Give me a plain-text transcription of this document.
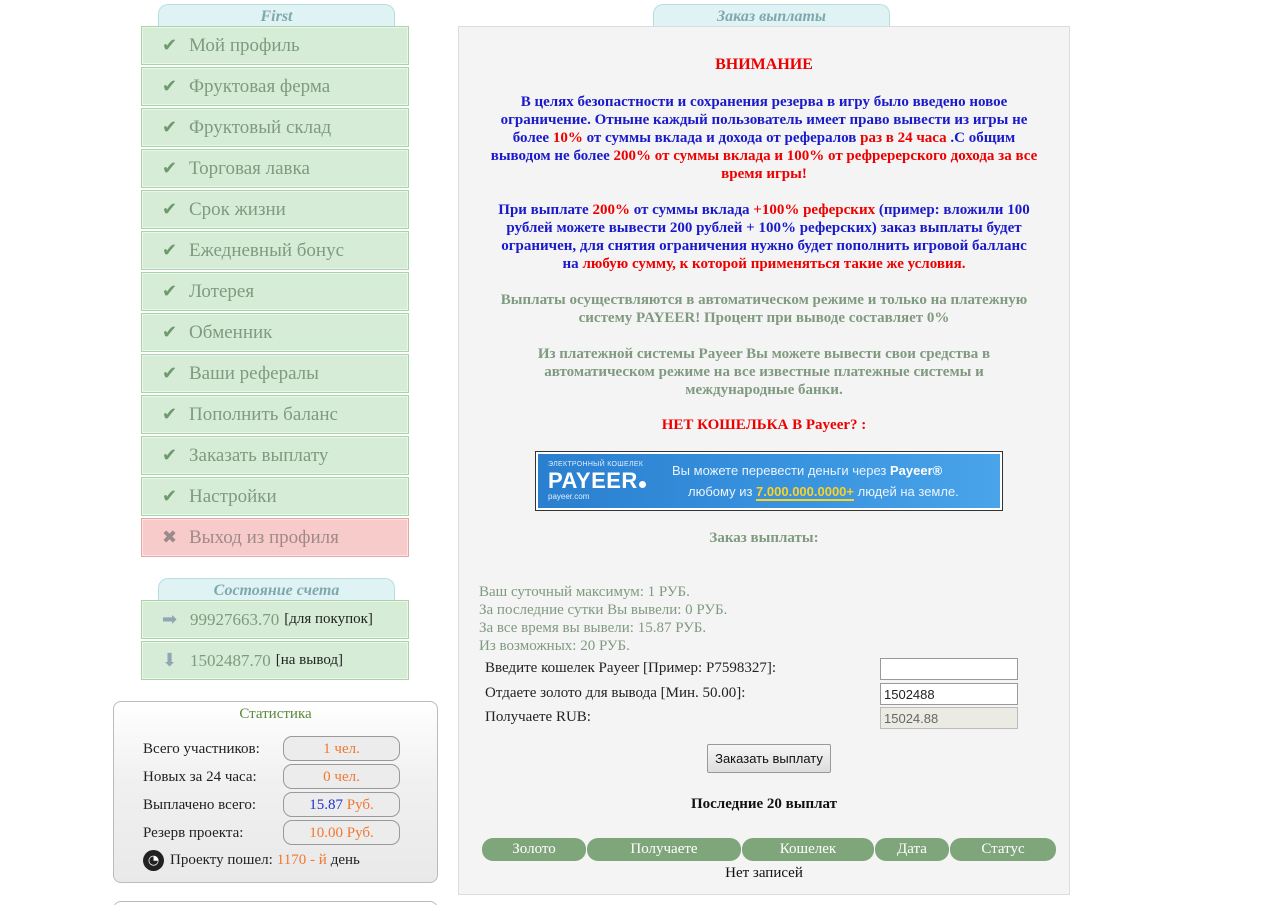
First
✔ Мой профиль
✔ Фруктовая ферма
✔ Фруктовый склад
✔ Торговая лавка
✔ Срок жизни
✔ Ежедневный бонус
✔ Лотерея
✔ Обменник
✔ Ваши рефералы
✔ Пополнить баланс
✔ Заказать выплату
✔ Настройки
✖ Выход из профиля
Состояние счета
➡ 99927663.70 [для покупок]
⬇ 1502487.70 [на вывод]
Статистика
Всего участников:	1 чел.
Новых за 24 часа:	0 чел.
Выплачено всего:	15.87 Руб.
Резерв проекта:	10.00 Руб.
◔ Проекту пошел: 1170 - й день
Заказ выплаты
ВНИМАНИЕ
В целях безопастности и сохранения резерва в игру было введено новое
ограничение. Отныне каждый пользователь имеет право вывести из игры не
более 10% от суммы вклада и дохода от рефералов раз в 24 часа .С общим
выводом не более 200% от суммы вклада и 100% от рефререрского дохода за все
время игры!
При выплате 200% от суммы вклада +100% реферских (пример: вложили 100
рублей можете вывести 200 рублей + 100% реферских) заказ выплаты будет
ограничен, для снятия ограничения нужно будет пополнить игровой балланс
на любую сумму, к которой применяться такие же условия.
Выплаты осуществляются в автоматическом режиме и только на платежную
систему PAYEER! Процент при выводе составляет 0%
Из платежной системы Payeer Вы можете вывести свои средства в
автоматическом режиме на все известные платежные системы и
международные банки.
НЕТ КОШЕЛЬКА В Payeer? :
ЭЛЕКТРОННЫЙ КОШЕЛЕК
PAYEER
payeer.com
Вы можете перевести деньги через Payeer®
любому из 7.000.000.0000+ людей на земле.
Заказ выплаты:
Ваш суточный максимум: 1 РУБ.
За последние сутки Вы вывели: 0 РУБ.
За все время вы вывели: 15.87 РУБ.
Из возможных: 20 РУБ.
Введите кошелек Payeer [Пример: P7598327]:
Отдаете золото для вывода [Мин. 50.00]:
1502488
Получаете RUB:
15024.88
Заказать выплату
Последние 20 выплат
Золото	Получаете	Кошелек	Дата	Статус
Нет записей
